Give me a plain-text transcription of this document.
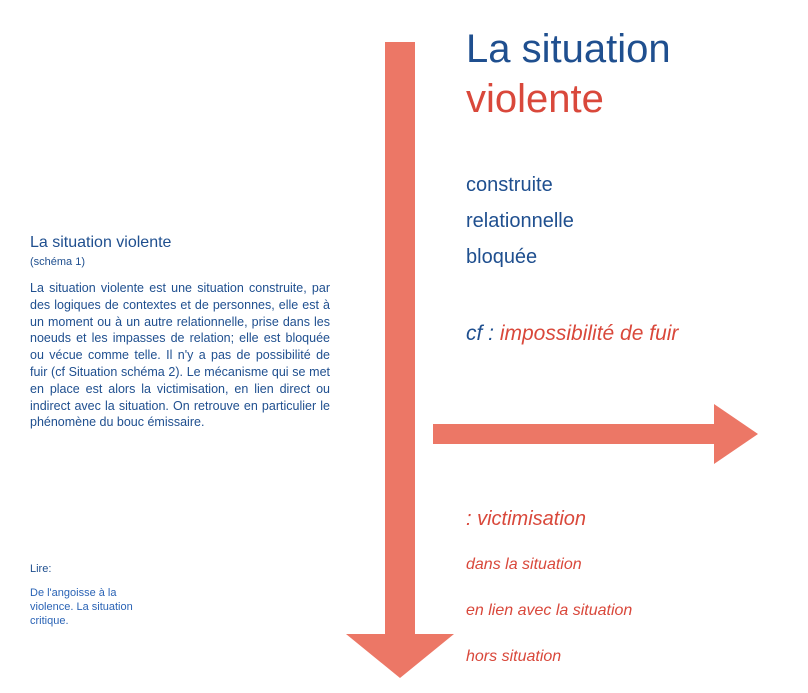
La situation violente
(schéma 1)
La situation violente est une situation construite, par des logiques de contextes et de personnes, elle est à un moment ou à un autre relationnelle, prise dans les noeuds et les impasses de relation; elle est bloquée ou vécue comme telle. Il n'y a pas de possibilité de fuir (cf Situation schéma 2). Le mécanisme qui se met en place est alors la victimisation, en lien direct ou indirect avec la situation. On retrouve en particulier le phénomène du bouc émissaire.
Lire:
De l'angoisse à la violence. La situation critique.
La situation
violente
construite
relationnelle
bloquée
cf : impossibilité de fuir
: victimisation
dans la situation
en lien avec la situation
hors situation
